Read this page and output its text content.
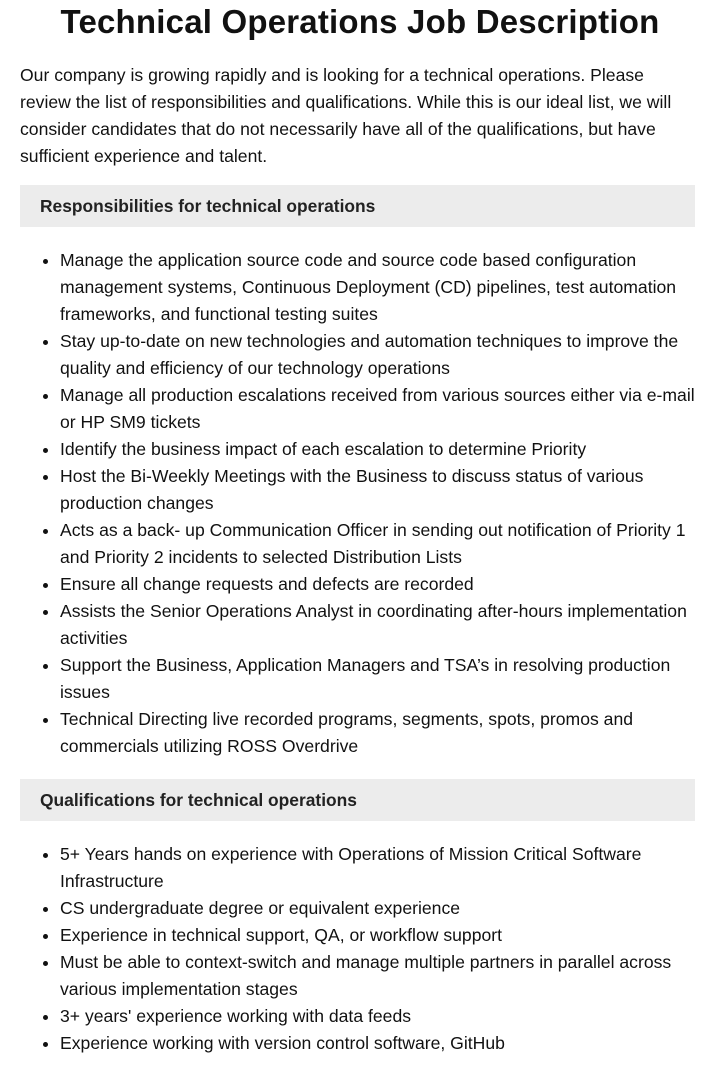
Technical Operations Job Description

Our company is growing rapidly and is looking for a technical operations. Please review the list of responsibilities and qualifications. While this is our ideal list, we will consider candidates that do not necessarily have all of the qualifications, but have sufficient experience and talent.

Responsibilities for technical operations
• Manage the application source code and source code based configuration management systems, Continuous Deployment (CD) pipelines, test automation frameworks, and functional testing suites
• Stay up-to-date on new technologies and automation techniques to improve the quality and efficiency of our technology operations
• Manage all production escalations received from various sources either via e-mail or HP SM9 tickets
• Identify the business impact of each escalation to determine Priority
• Host the Bi-Weekly Meetings with the Business to discuss status of various production changes
• Acts as a back- up Communication Officer in sending out notification of Priority 1 and Priority 2 incidents to selected Distribution Lists
• Ensure all change requests and defects are recorded
• Assists the Senior Operations Analyst in coordinating after-hours implementation activities
• Support the Business, Application Managers and TSA’s in resolving production issues
• Technical Directing live recorded programs, segments, spots, promos and commercials utilizing ROSS Overdrive
Qualifications for technical operations
• 5+ Years hands on experience with Operations of Mission Critical Software Infrastructure
• CS undergraduate degree or equivalent experience
• Experience in technical support, QA, or workflow support
• Must be able to context-switch and manage multiple partners in parallel across various implementation stages
• 3+ years' experience working with data feeds
• Experience working with version control software, GitHub
